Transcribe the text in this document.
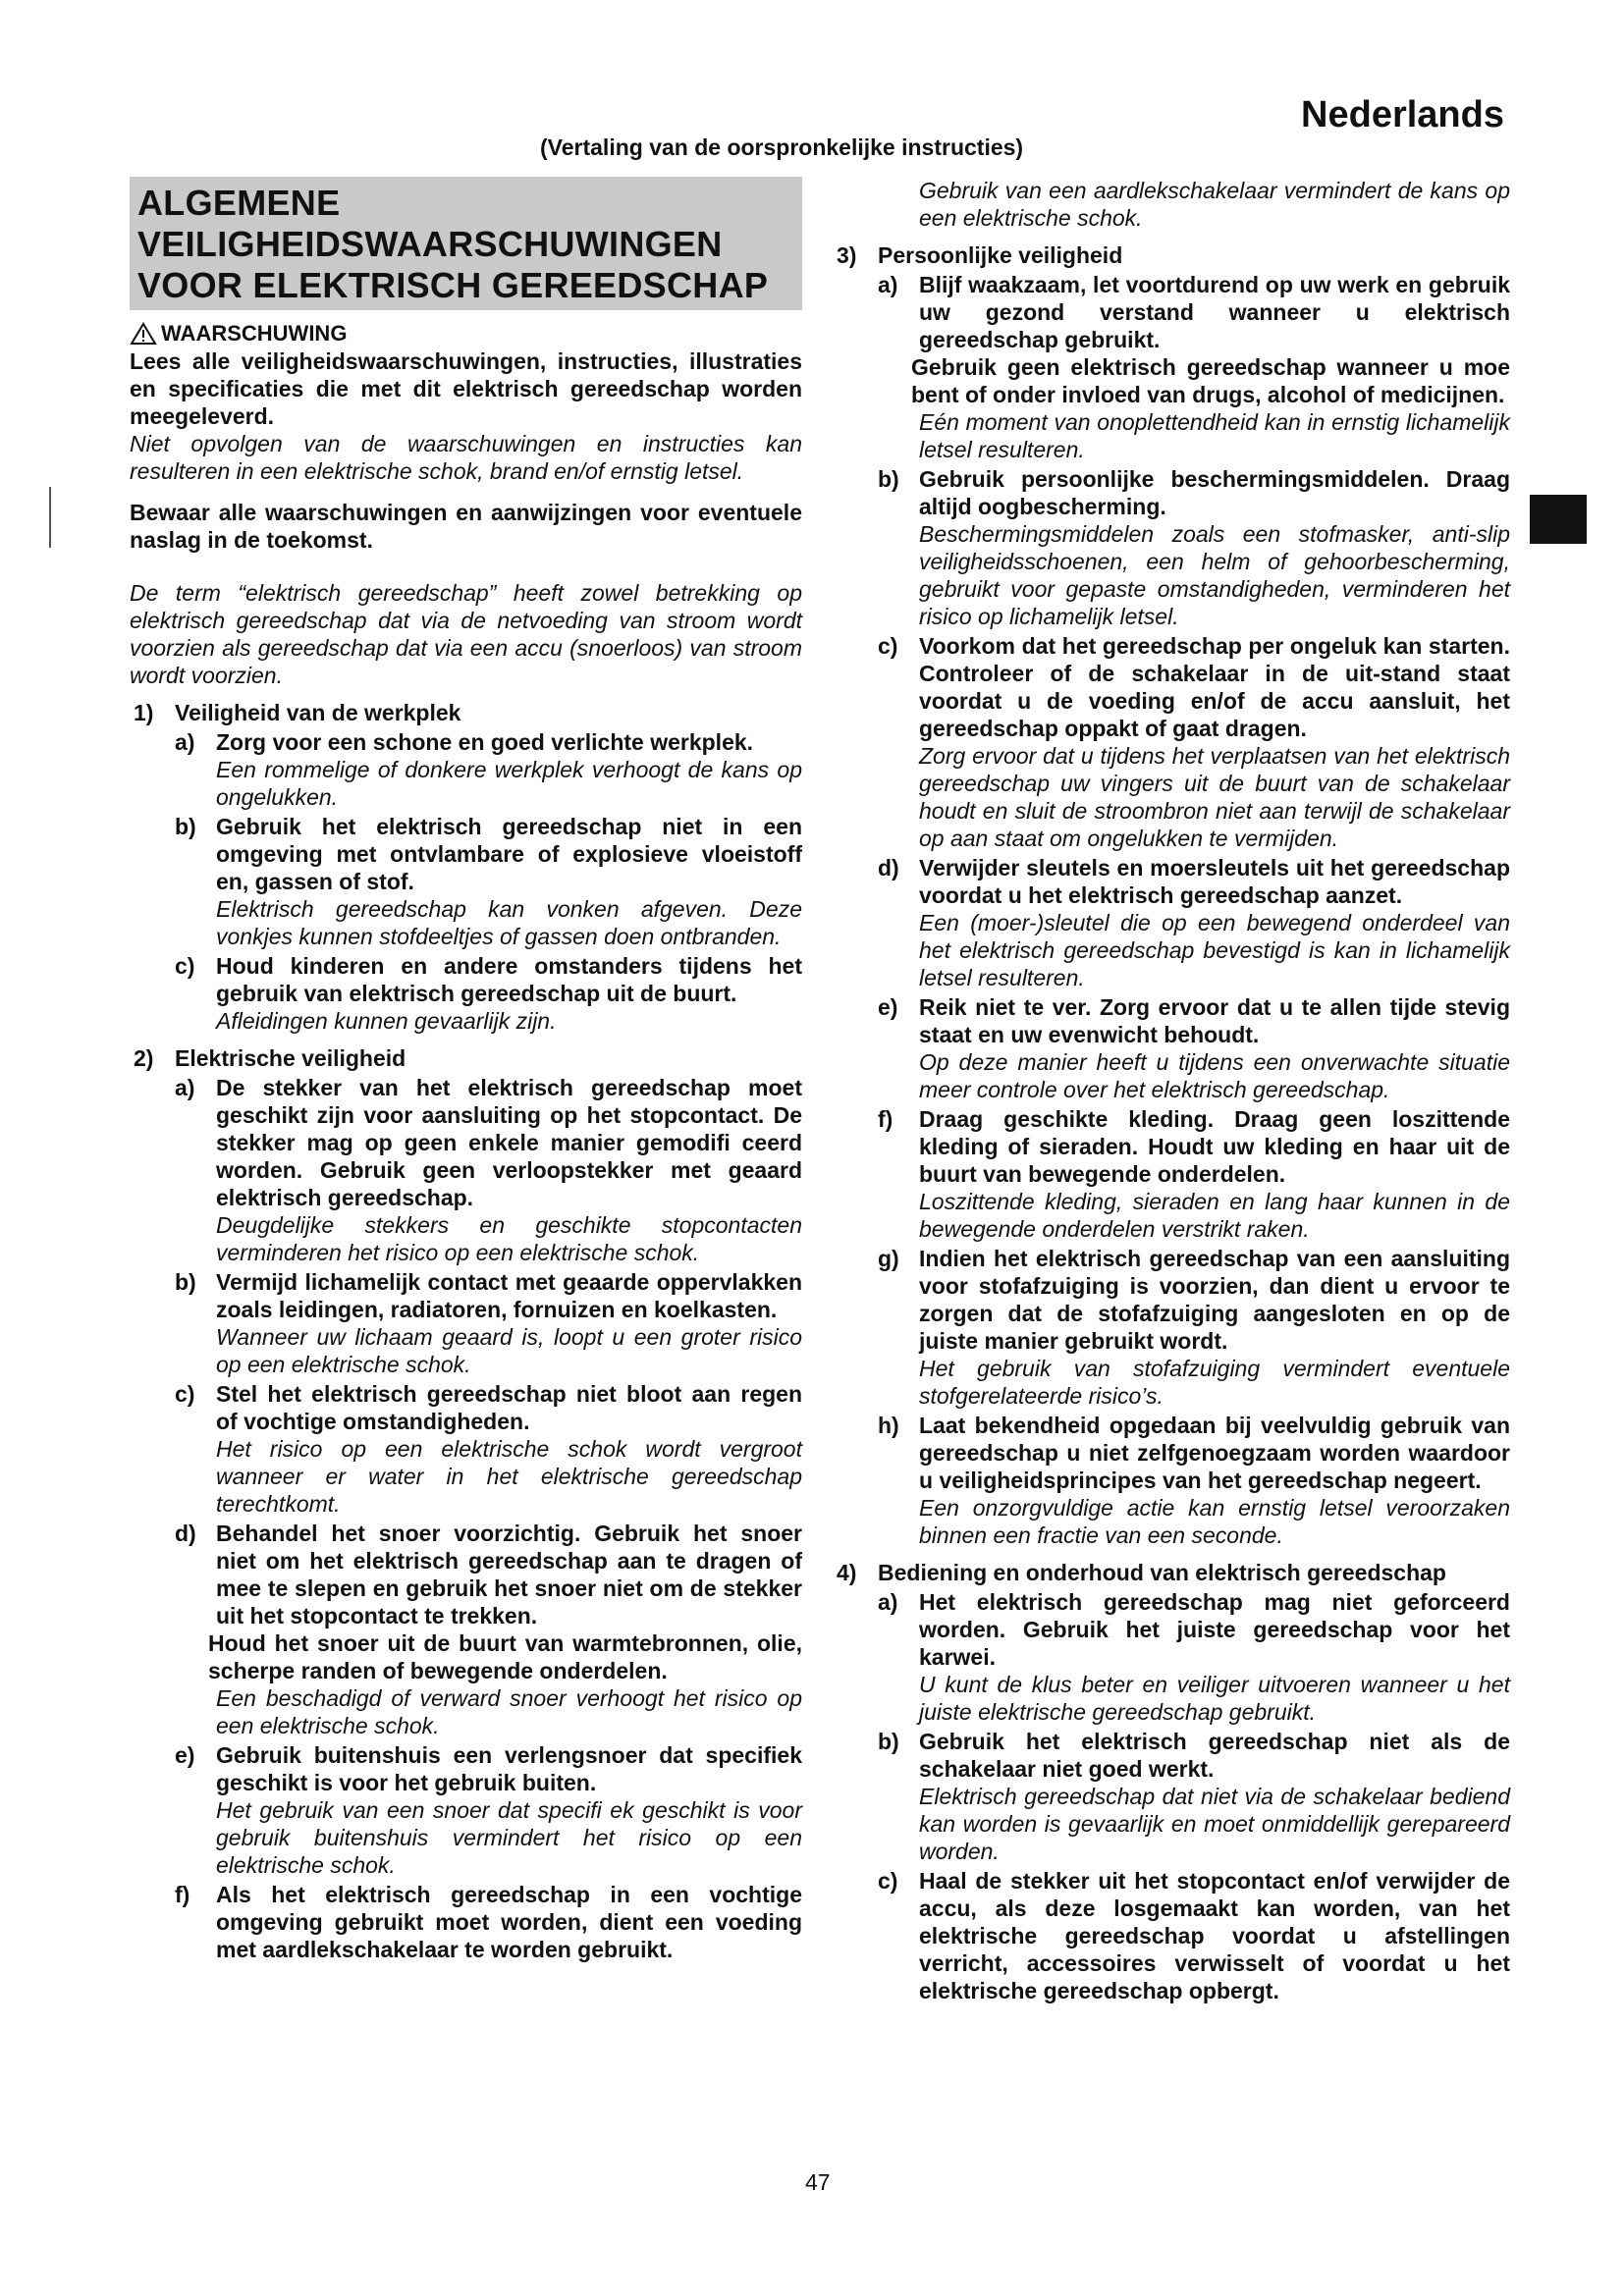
Nederlands
(Vertaling van de oorspronkelijke instructies)
ALGEMENE VEILIGHEIDSWAARSCHUWINGEN VOOR ELEKTRISCH GEREEDSCHAP
WAARSCHUWING

Lees alle veiligheidswaarschuwingen, instructies, illustraties en specificaties die met dit elektrisch gereedschap worden meegeleverd.

Niet opvolgen van de waarschuwingen en instructies kan resulteren in een elektrische schok, brand en/of ernstig letsel.

Bewaar alle waarschuwingen en aanwijzingen voor eventuele naslag in de toekomst.

De term “elektrisch gereedschap” heeft zowel betrekking op elektrisch gereedschap dat via de netvoeding van stroom wordt voorzien als gereedschap dat via een accu (snoerloos) van stroom wordt voorzien.

1) Veiligheid van de werkplek
a) Zorg voor een schone en goed verlichte werkplek.

Een rommelige of donkere werkplek verhoogt de kans op ongelukken.

b) Gebruik het elektrisch gereedschap niet in een omgeving met ontvlambare of explosieve vloeistoff en, gassen of stof.

Elektrisch gereedschap kan vonken afgeven. Deze vonkjes kunnen stofdeeltjes of gassen doen ontbranden.

c) Houd kinderen en andere omstanders tijdens het gebruik van elektrisch gereedschap uit de buurt.

Afleidingen kunnen gevaarlijk zijn.

2) Elektrische veiligheid
a) De stekker van het elektrisch gereedschap moet geschikt zijn voor aansluiting op het stopcontact. De stekker mag op geen enkele manier gemodifi ceerd worden. Gebruik geen verloopstekker met geaard elektrisch gereedschap.

Deugdelijke stekkers en geschikte stopcontacten verminderen het risico op een elektrische schok.

b) Vermijd lichamelijk contact met geaarde oppervlakken zoals leidingen, radiatoren, fornuizen en koelkasten.

Wanneer uw lichaam geaard is, loopt u een groter risico op een elektrische schok.

c) Stel het elektrisch gereedschap niet bloot aan regen of vochtige omstandigheden.

Het risico op een elektrische schok wordt vergroot wanneer er water in het elektrische gereedschap terechtkomt.

d) Behandel het snoer voorzichtig. Gebruik het snoer niet om het elektrisch gereedschap aan te dragen of mee te slepen en gebruik het snoer niet om de stekker uit het stopcontact te trekken.

Houd het snoer uit de buurt van warmtebronnen, olie, scherpe randen of bewegende onderdelen.

Een beschadigd of verward snoer verhoogt het risico op een elektrische schok.

e) Gebruik buitenshuis een verlengsnoer dat specifiek geschikt is voor het gebruik buiten.

Het gebruik van een snoer dat specifi ek geschikt is voor gebruik buitenshuis vermindert het risico op een elektrische schok.

f)	Als het elektrisch gereedschap in een vochtige omgeving gebruikt moet worden, dient een voeding met aardlekschakelaar te worden gebruikt.

Gebruik van een aardlekschakelaar vermindert de kans op een elektrische schok.

3) Persoonlijke veiligheid
a) Blijf waakzaam, let voortdurend op uw werk en gebruik uw gezond verstand wanneer u elektrisch gereedschap gebruikt.

Gebruik geen elektrisch gereedschap wanneer u moe bent of onder invloed van drugs, alcohol of medicijnen.

Eén moment van onoplettendheid kan in ernstig lichamelijk letsel resulteren.

b) Gebruik persoonlijke beschermingsmiddelen. Draag altijd oogbescherming.

Beschermingsmiddelen zoals een stofmasker, anti-slip veiligheidsschoenen, een helm of gehoorbescherming, gebruikt voor gepaste omstandigheden, verminderen het risico op lichamelijk letsel.

c) Voorkom dat het gereedschap per ongeluk kan starten. Controleer of de schakelaar in de uit-stand staat voordat u de voeding en/of de accu aansluit, het gereedschap oppakt of gaat dragen.

Zorg ervoor dat u tijdens het verplaatsen van het elektrisch gereedschap uw vingers uit de buurt van de schakelaar houdt en sluit de stroombron niet aan terwijl de schakelaar op aan staat om ongelukken te vermijden.

d) Verwijder sleutels en moersleutels uit het gereedschap voordat u het elektrisch gereedschap aanzet.

Een (moer-)sleutel die op een bewegend onderdeel van het elektrisch gereedschap bevestigd is kan in lichamelijk letsel resulteren.

e) Reik niet te ver. Zorg ervoor dat u te allen tijde stevig staat en uw evenwicht behoudt.

Op deze manier heeft u tijdens een onverwachte situatie meer controle over het elektrisch gereedschap.

f)	Draag geschikte kleding. Draag geen loszittende kleding of sieraden. Houdt uw kleding en haar uit de buurt van bewegende onderdelen.

Loszittende kleding, sieraden en lang haar kunnen in de bewegende onderdelen verstrikt raken.

g) Indien het elektrisch gereedschap van een aansluiting voor stofafzuiging is voorzien, dan dient u ervoor te zorgen dat de stofafzuiging aangesloten en op de juiste manier gebruikt wordt.

Het gebruik van stofafzuiging vermindert eventuele stofgerelateerde risico’s.

h) Laat bekendheid opgedaan bij veelvuldig gebruik van gereedschap u niet zelfgenoegzaam worden waardoor u veiligheidsprincipes van het gereedschap negeert.

Een onzorgvuldige actie kan ernstig letsel veroorzaken binnen een fractie van een seconde.

4) Bediening en onderhoud van elektrisch gereedschap
a) Het elektrisch gereedschap mag niet geforceerd worden. Gebruik het juiste gereedschap voor het karwei.

U kunt de klus beter en veiliger uitvoeren wanneer u het juiste elektrische gereedschap gebruikt.

b) Gebruik het elektrisch gereedschap niet als de schakelaar niet goed werkt.

Elektrisch gereedschap dat niet via de schakelaar bediend kan worden is gevaarlijk en moet onmiddellijk gerepareerd worden.

c) Haal de stekker uit het stopcontact en/of verwijder de accu, als deze losgemaakt kan worden, van het elektrische gereedschap voordat u afstellingen verricht, accessoires verwisselt of voordat u het elektrische gereedschap opbergt.
47
